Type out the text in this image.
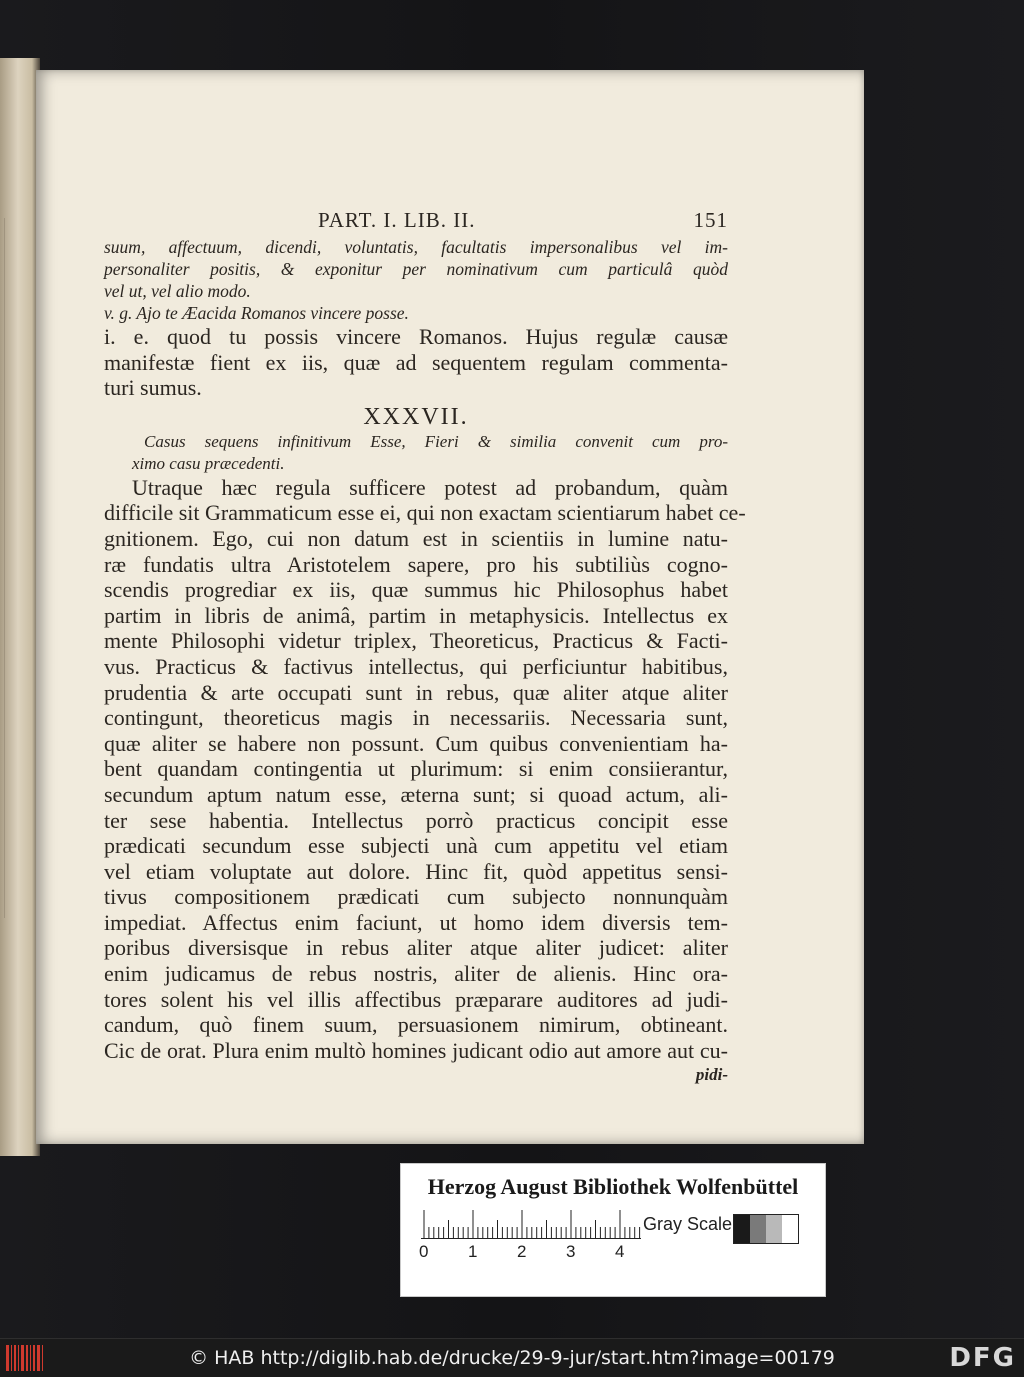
PART. I. LIB. II.	151
suum, affectuum, dicendi, voluntatis, facultatis impersonalibus vel im-
personaliter positis, & exponitur per nominativum cum particulâ quòd
vel ut, vel alio modo.
v. g. Ajo te Æacida Romanos vincere posse.
i. e. quod tu possis vincere Romanos. Hujus regulæ causæ
manifestæ fient ex iis, quæ ad sequentem regulam commenta-
turi sumus.
XXXVII.
Casus sequens infinitivum Esse, Fieri & similia convenit cum pro-
ximo casu præcedenti.
Utraque hæc regula sufficere potest ad probandum, quàm
difficile sit Grammaticum esse ei, qui non exactam scientiarum habet ce-
gnitionem. Ego, cui non datum est in scientiis in lumine natu-
ræ fundatis ultra Aristotelem sapere, pro his subtiliùs cogno-
scendis progrediar ex iis, quæ summus hic Philosophus habet
partim in libris de animâ, partim in metaphysicis. Intellectus ex
mente Philosophi videtur triplex, Theoreticus, Practicus & Facti-
vus. Practicus & factivus intellectus, qui perficiuntur habitibus,
prudentia & arte occupati sunt in rebus, quæ aliter atque aliter
contingunt, theoreticus magis in necessariis. Necessaria sunt,
quæ aliter se habere non possunt. Cum quibus convenientiam ha-
bent quandam contingentia ut plurimum: si enim consiierantur,
secundum aptum natum esse, æterna sunt; si quoad actum, ali-
ter sese habentia. Intellectus porrò practicus concipit esse
prædicati secundum esse subjecti unà cum appetitu vel etiam
vel etiam voluptate aut dolore. Hinc fit, quòd appetitus sensi-
tivus compositionem prædicati cum subjecto nonnunquàm
impediat. Affectus enim faciunt, ut homo idem diversis tem-
poribus diversisque in rebus aliter atque aliter judicet: aliter
enim judicamus de rebus nostris, aliter de alienis. Hinc ora-
tores solent his vel illis affectibus præparare auditores ad judi-
candum, quò finem suum, persuasionem nimirum, obtineant.
Cic de orat. Plura enim multò homines judicant odio aut amore aut cu-
pidi-
Herzog August Bibliothek Wolfenbüttel
0 1 2 3 4
Gray Scale
© HAB http://diglib.hab.de/drucke/29-9-jur/start.htm?image=00179	DFG
